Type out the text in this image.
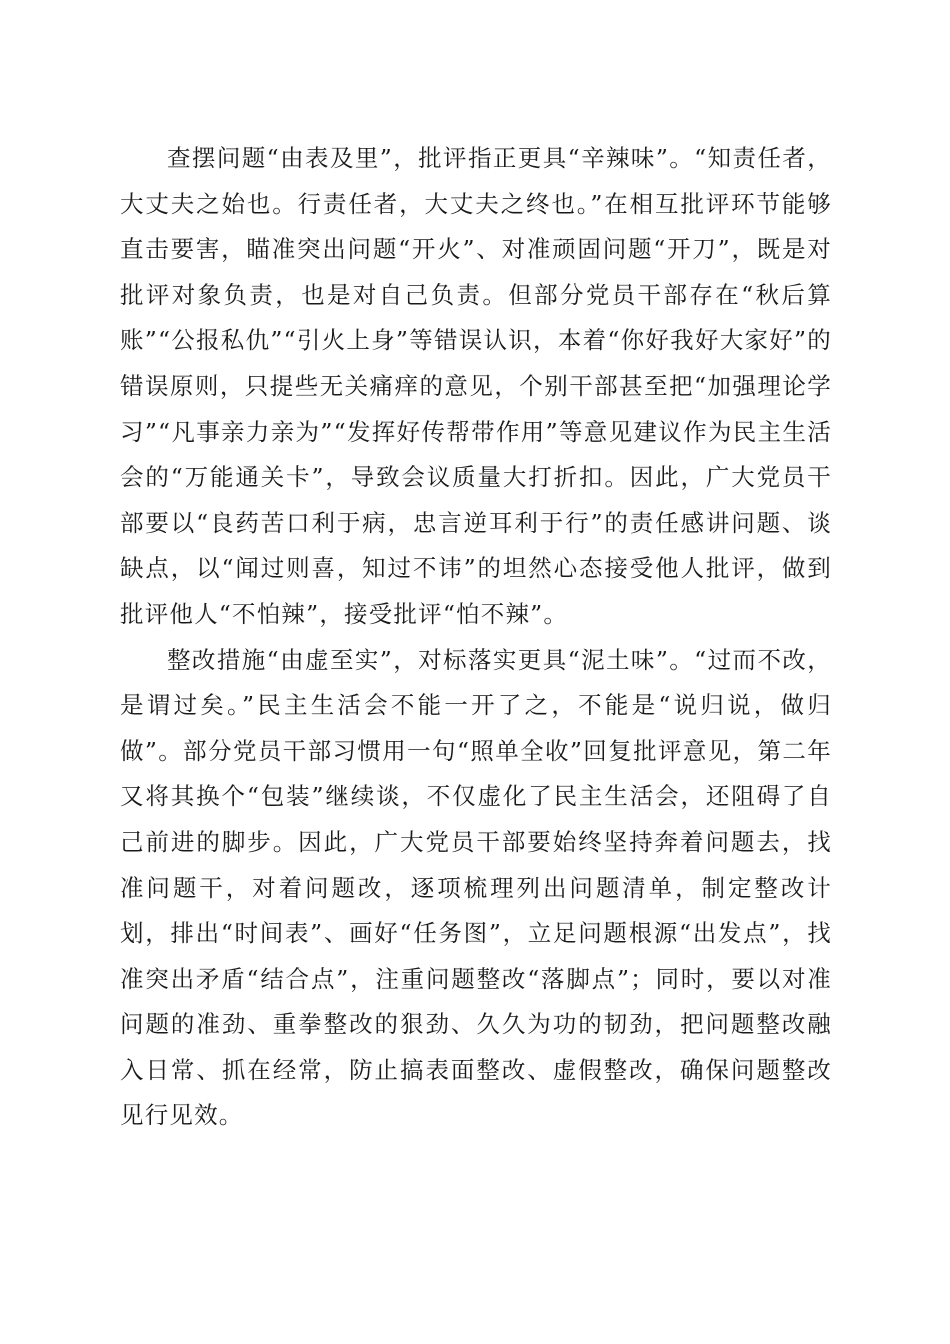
查摆问题“由表及里”，批评指正更具“辛辣味”。“知责任者，大丈夫之始也。行责任者，大丈夫之终也。”在相互批评环节能够直击要害，瞄准突出问题“开火”、对准顽固问题“开刀”，既是对批评对象负责，也是对自己负责。但部分党员干部存在“秋后算账”“公报私仇”“引火上身”等错误认识，本着“你好我好大家好”的错误原则，只提些无关痛痒的意见，个别干部甚至把“加强理论学习”“凡事亲力亲为”“发挥好传帮带作用”等意见建议作为民主生活会的“万能通关卡”，导致会议质量大打折扣。因此，广大党员干部要以“良药苦口利于病，忠言逆耳利于行”的责任感讲问题、谈缺点，以“闻过则喜，知过不讳”的坦然心态接受他人批评，做到批评他人“不怕辣”，接受批评“怕不辣”。

整改措施“由虚至实”，对标落实更具“泥土味”。“过而不改，是谓过矣。”民主生活会不能一开了之，不能是“说归说，做归做”。部分党员干部习惯用一句“照单全收”回复批评意见，第二年又将其换个“包装”继续谈，不仅虚化了民主生活会，还阻碍了自己前进的脚步。因此，广大党员干部要始终坚持奔着问题去，找准问题干，对着问题改，逐项梳理列出问题清单，制定整改计划，排出“时间表”、画好“任务图”，立足问题根源“出发点”，找准突出矛盾“结合点”，注重问题整改“落脚点”；同时，要以对准问题的准劲、重拳整改的狠劲、久久为功的韧劲，把问题整改融入日常、抓在经常，防止搞表面整改、虚假整改，确保问题整改见行见效。
